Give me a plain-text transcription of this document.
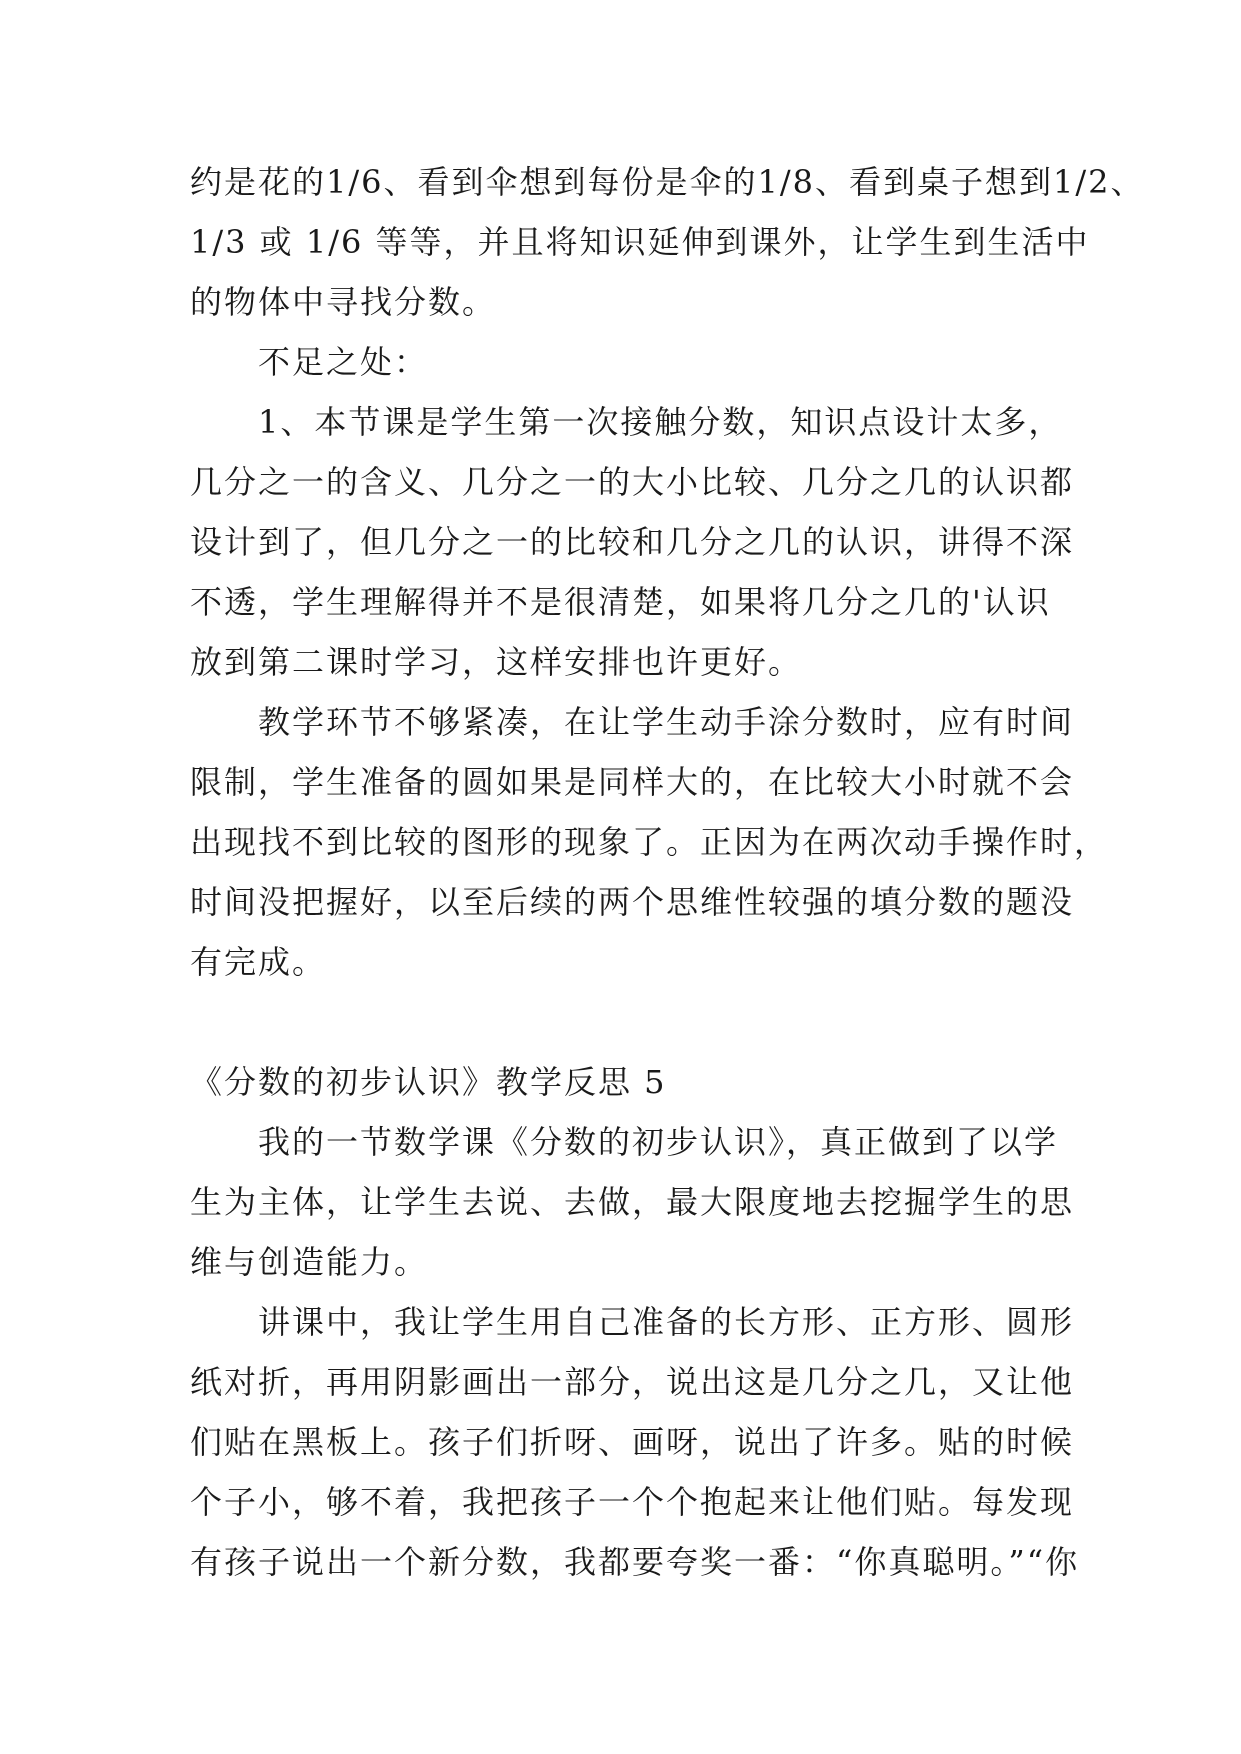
约是花的1/6、看到伞想到每份是伞的1/8、看到桌子想到1/2、
1/3 或 1/6 等等，并且将知识延伸到课外，让学生到生活中
的物体中寻找分数。
不足之处：
1、本节课是学生第一次接触分数，知识点设计太多，
几分之一的含义、几分之一的大小比较、几分之几的认识都
设计到了，但几分之一的比较和几分之几的认识，讲得不深
不透，学生理解得并不是很清楚，如果将几分之几的'认识
放到第二课时学习，这样安排也许更好。
教学环节不够紧凑，在让学生动手涂分数时，应有时间
限制，学生准备的圆如果是同样大的，在比较大小时就不会
出现找不到比较的图形的现象了。正因为在两次动手操作时，
时间没把握好，以至后续的两个思维性较强的填分数的题没
有完成。
《分数的初步认识》教学反思 5
我的一节数学课《分数的初步认识》，真正做到了以学
生为主体，让学生去说、去做，最大限度地去挖掘学生的思
维与创造能力。
讲课中，我让学生用自己准备的长方形、正方形、圆形
纸对折，再用阴影画出一部分，说出这是几分之几，又让他
们贴在黑板上。孩子们折呀、画呀，说出了许多。贴的时候
个子小，够不着，我把孩子一个个抱起来让他们贴。每发现
有孩子说出一个新分数，我都要夸奖一番：“你真聪明。”“你
